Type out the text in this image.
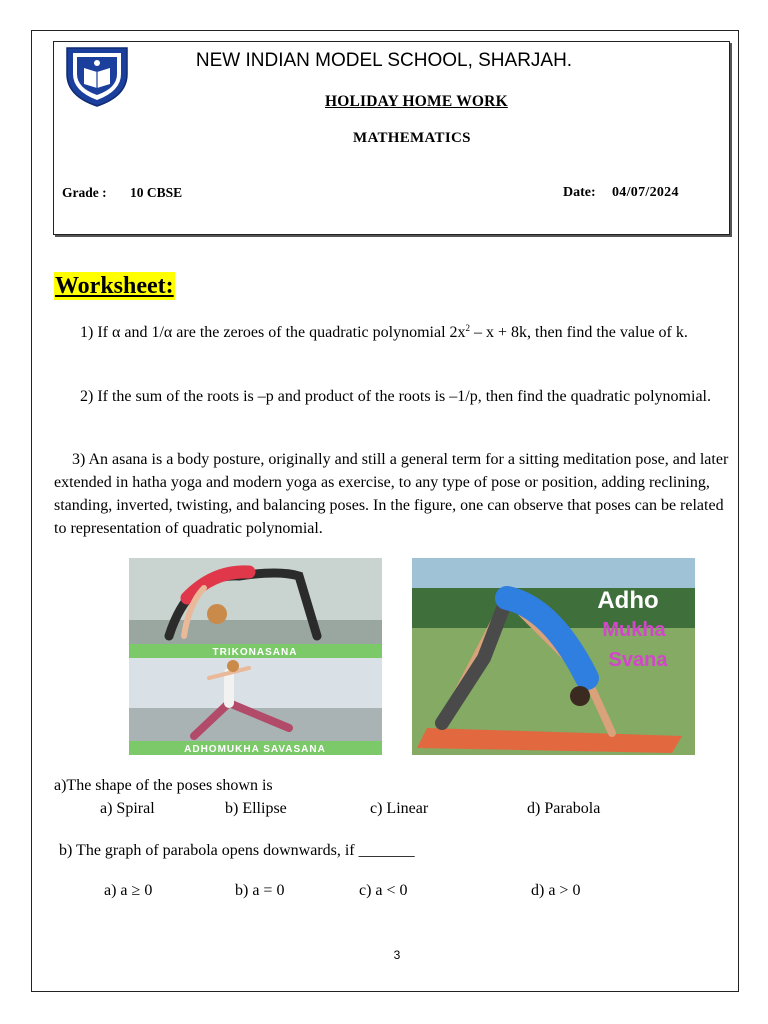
NEW INDIAN MODEL SCHOOL, SHARJAH.
HOLIDAY HOME WORK
MATHEMATICS
Grade : 10 CBSE	Date: 04/07/2024
Worksheet:
1) If α and 1/α are the zeroes of the quadratic polynomial $2x^2 - x + 8k$, then find the value of k.
2) If the sum of the roots is –p and product of the roots is –1/p, then find the quadratic polynomial.
3) An asana is a body posture, originally and still a general term for a sitting meditation pose, and later extended in hatha yoga and modern yoga as exercise, to any type of pose or position, adding reclining, standing, inverted, twisting, and balancing poses. In the figure, one can observe that poses can be related to representation of quadratic polynomial.
TRIKONASANA
ADHOMUKHA SAVASANA
Adho
Mukha
Svana
a)The shape of the poses shown is
a) Spiral	b) Ellipse	c) Linear	d) Parabola
b) The graph of parabola opens downwards, if _______
a) a ≥ 0	b) a = 0	c) a < 0	d) a > 0
3
